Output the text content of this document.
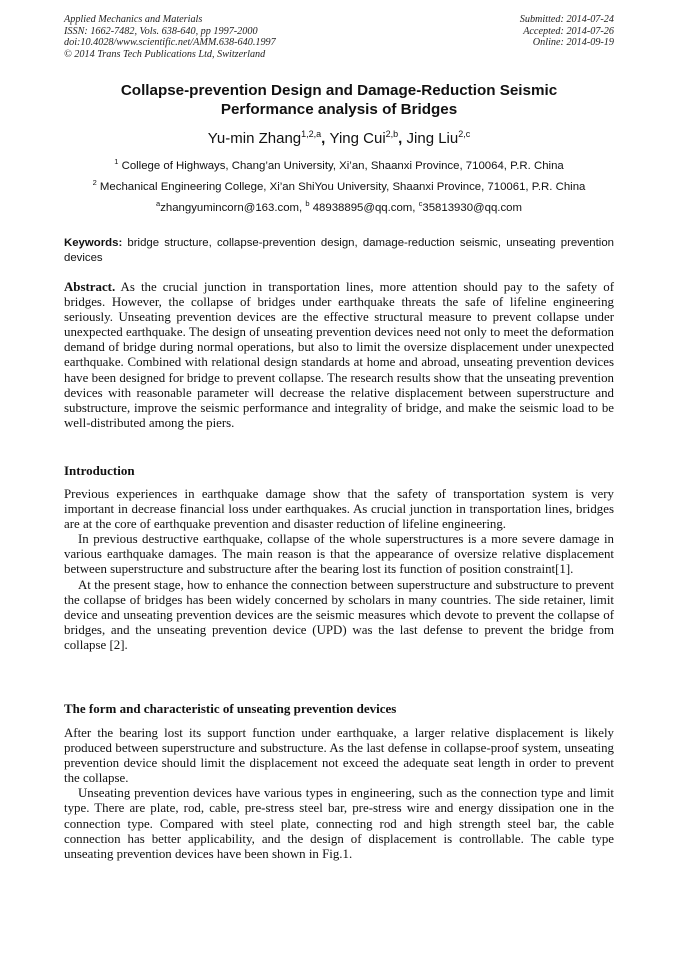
Applied Mechanics and Materials
ISSN: 1662-7482, Vols. 638-640, pp 1997-2000
doi:10.4028/www.scientific.net/AMM.638-640.1997
© 2014 Trans Tech Publications Ltd, Switzerland
Submitted: 2014-07-24
Accepted: 2014-07-26
Online: 2014-09-19
Collapse-prevention Design and Damage-Reduction Seismic
Performance analysis of Bridges
Yu-min Zhang$^{1,2,a}$, Ying Cui$^{2,b}$, Jing Liu$^{2,c}$
$^1$ College of Highways, Chang’an University, Xi’an, Shaanxi Province, 710064, P.R. China
$^2$ Mechanical Engineering College, Xi’an ShiYou University, Shaanxi Province, 710061, P.R. China
$^a$zhangyumincorn@163.com, $^b$ 48938895@qq.com, $^c$35813930@qq.com
Keywords: bridge structure, collapse-prevention design, damage-reduction seismic, unseating prevention devices
Abstract. As the crucial junction in transportation lines, more attention should pay to the safety of bridges. However, the collapse of bridges under earthquake threats the safe of lifeline engineering seriously. Unseating prevention devices are the effective structural measure to prevent collapse under unexpected earthquake. The design of unseating prevention devices need not only to meet the deformation demand of bridge during normal operations, but also to limit the oversize displacement under unexpected earthquake. Combined with relational design standards at home and abroad, unseating prevention devices have been designed for bridge to prevent collapse. The research results show that the unseating prevention devices with reasonable parameter will decrease the relative displacement between superstructure and substructure, improve the seismic performance and integrality of bridge, and make the seismic load to be well-distributed among the piers.
Introduction

Previous experiences in earthquake damage show that the safety of transportation system is very important in decrease financial loss under earthquakes. As crucial junction in transportation lines, bridges are at the core of earthquake prevention and disaster reduction of lifeline engineering.

In previous destructive earthquake, collapse of the whole superstructures is a more severe damage in various earthquake damages. The main reason is that the appearance of oversize relative displacement between superstructure and substructure after the bearing lost its function of position constraint[1].

At the present stage, how to enhance the connection between superstructure and substructure to prevent the collapse of bridges has been widely concerned by scholars in many countries. The side retainer, limit device and unseating prevention devices are the seismic measures which devote to prevent the collapse of bridges, and the unseating prevention device (UPD) was the last defense to prevent the bridge from collapse [2].

The form and characteristic of unseating prevention devices

After the bearing lost its support function under earthquake, a larger relative displacement is likely produced between superstructure and substructure. As the last defense in collapse-proof system, unseating prevention device should limit the displacement not exceed the adequate seat length in order to prevent the collapse.

Unseating prevention devices have various types in engineering, such as the connection type and limit type. There are plate, rod, cable, pre-stress steel bar, pre-stress wire and energy dissipation one in the connection type. Compared with steel plate, connecting rod and high strength steel bar, the cable connection has better applicability, and the design of displacement is controllable. The cable type unseating prevention devices have been shown in Fig.1.
